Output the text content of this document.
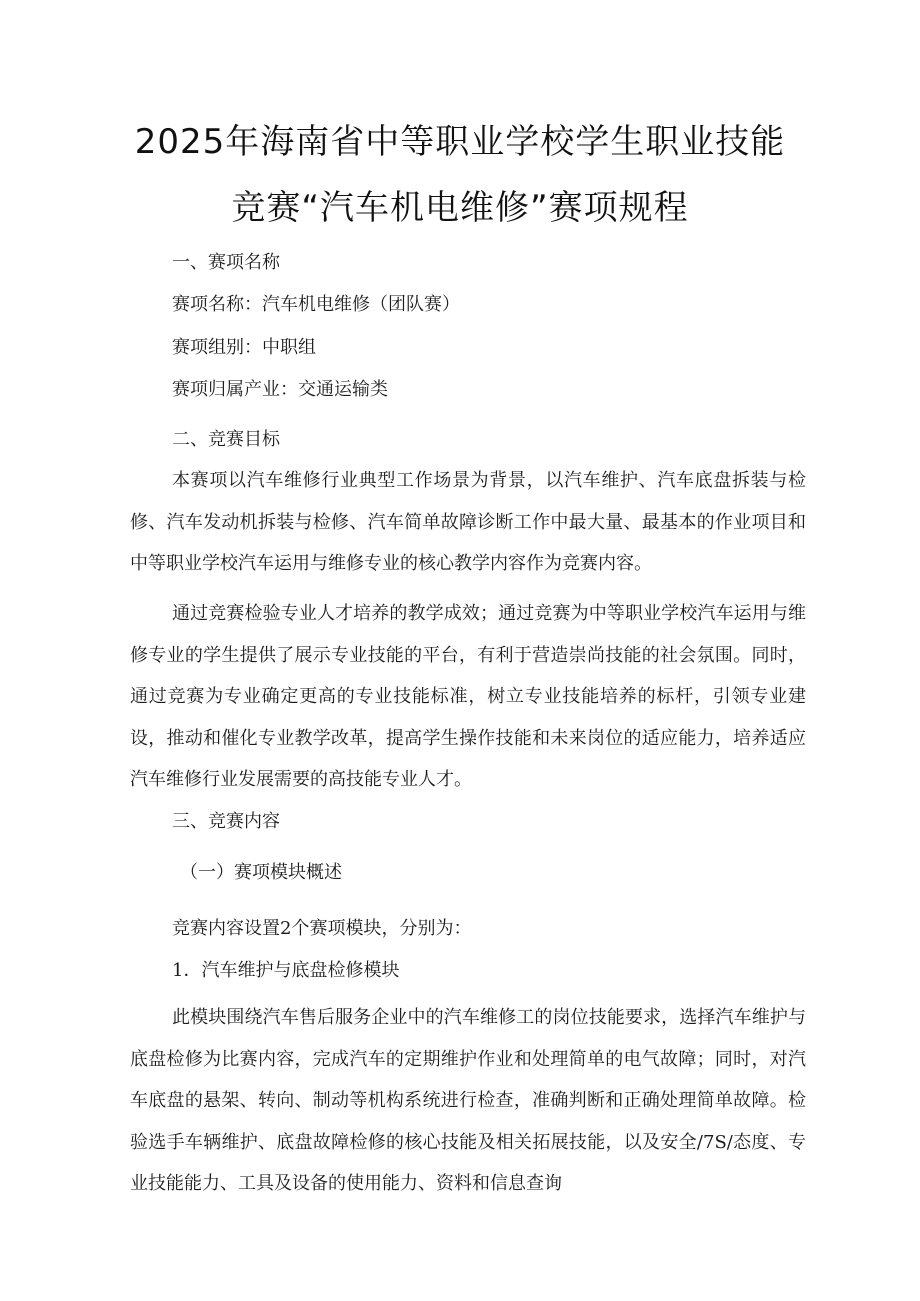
2025年海南省中等职业学校学生职业技能
竞赛“汽车机电维修”赛项规程
一、赛项名称
赛项名称：汽车机电维修（团队赛）
赛项组别：中职组
赛项归属产业：交通运输类
二、竞赛目标
本赛项以汽车维修行业典型工作场景为背景，以汽车维护、汽车底盘拆装与检修、汽车发动机拆装与检修、汽车简单故障诊断工作中最大量、最基本的作业项目和中等职业学校汽车运用与维修专业的核心教学内容作为竞赛内容。
通过竞赛检验专业人才培养的教学成效；通过竞赛为中等职业学校汽车运用与维修专业的学生提供了展示专业技能的平台，有利于营造崇尚技能的社会氛围。同时，通过竞赛为专业确定更高的专业技能标准，树立专业技能培养的标杆，引领专业建设，推动和催化专业教学改革，提高学生操作技能和未来岗位的适应能力，培养适应汽车维修行业发展需要的高技能专业人才。
三、竞赛内容
（一）赛项模块概述
竞赛内容设置2个赛项模块，分别为：
1．汽车维护与底盘检修模块
此模块围绕汽车售后服务企业中的汽车维修工的岗位技能要求，选择汽车维护与底盘检修为比赛内容，完成汽车的定期维护作业和处理简单的电气故障；同时，对汽车底盘的悬架、转向、制动等机构系统进行检查，准确判断和正确处理简单故障。检验选手车辆维护、底盘故障检修的核心技能及相关拓展技能，以及安全/7S/态度、专业技能能力、工具及设备的使用能力、资料和信息查询
